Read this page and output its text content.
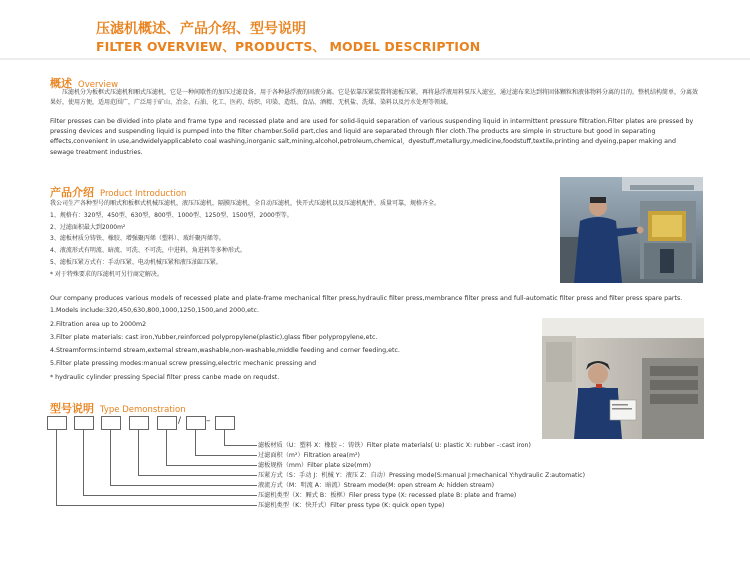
压滤机概述、产品介绍、型号说明
FILTER OVERVIEW、PRODUCTS、 MODEL DESCRIPTION
概述 Overview
压滤机分为板框式压滤机和厢式压滤机，它是一种间歇性的加压过滤设备，用于各种悬浮液的固液分离。它是依靠压紧装置将滤板压紧，再将悬浮液用料泵压入滤室，通过滤布来达到将固体颗粒和液体物料分离的目的。整机结构简单，分离效果好，使用方便，适用范围广，广泛用于矿山、冶金、石油、化工、医药、纺织、印染、造纸、食品、酒精、无机盐、洗煤、染料以及污水处理等领域。
Filter presses can be divided into plate and frame type and recessed plate and are used for solid-liquid separation of various suspending liquid in intermittent pressure filtration.Filter plates are pressed by pressing devices and suspending liquid is pumped into the filter chamber.Solid part,cles and liquid are separated through filer cloth.The products are simple in structure but good in separating effects,convenient in use,andwidelyapplicableto coal washing,inorganic salt,mining,alcohol,petroleum,chemical，dyestuff,metallurgy,medicine,foodstuff,textile,printing and dyeing,paper making and sewage treatment industries.
产品介绍 Product Introduction
我公司生产各种型号的厢式和板框式机械压滤机，液压压滤机，隔膜压滤机，全自动压滤机，快开式压滤机以及压滤机配件，质量可靠，规格齐全。
1、规格有：320型、450型、630型、800型、1000型、1250型、1500型、2000型等。
2、过滤面积最大到2000m²
3、滤板材质分铸铁、橡胶、增强聚丙烯（塑料）、玻纤聚丙烯等。
4、液流形式有明流、暗流、可洗、不可洗，中进料，角进料等多种形式。
5、滤板压紧方式有：手动压紧、电动机械压紧和液压油缸压紧。
* 对于特殊要求的压滤机可另行商定解决。
Our company produces various models of recessed plate and plate-frame mechanical filter press,hydraulic filter press,membrance filter press and full-automatic filter press and filter press spare parts.
1.Models include:320,450,630,800,1000,1250,1500,and 2000,etc.
2.Filtration area up to 2000m2
3.Filter plate materials: cast iron,Yubber,reinforced polypropylene(plastic),glass fiber polypropylene,etc.
4.Streamforms:internd stream,external stream,washable,non-washable,middle feeding and corner feeding,etc.
5.Filter plate pressing modes:manual screw pressing,electric mechanic pressing and
* hydraulic cylinder pressing Special filter press canbe made on requdst.
型号说明 Type Demonstration
/	–
滤板材质（U：塑料 X：橡胶 –：铸铁）Filter plate materials( U: plastic X: rubber –:cast iron)
过滤面积（m²）Filtration area(m²)
滤板规格（mm）Filter plate size(mm)
压紧方式（S：手动 J：机械 Y：液压 Z：自动）Pressing mode(S:manual J:mechanical Y:hydraulic Z:automatic)
液流方式（M：明流 A：暗流）Stream mode(M: open stream A: hidden stream)
压滤机类型（X：厢式 B：板框）Filer press type (X: recessed plate B: plate and frame)
压滤机类型（K：快开式）Filter press type (K: quick open type)
